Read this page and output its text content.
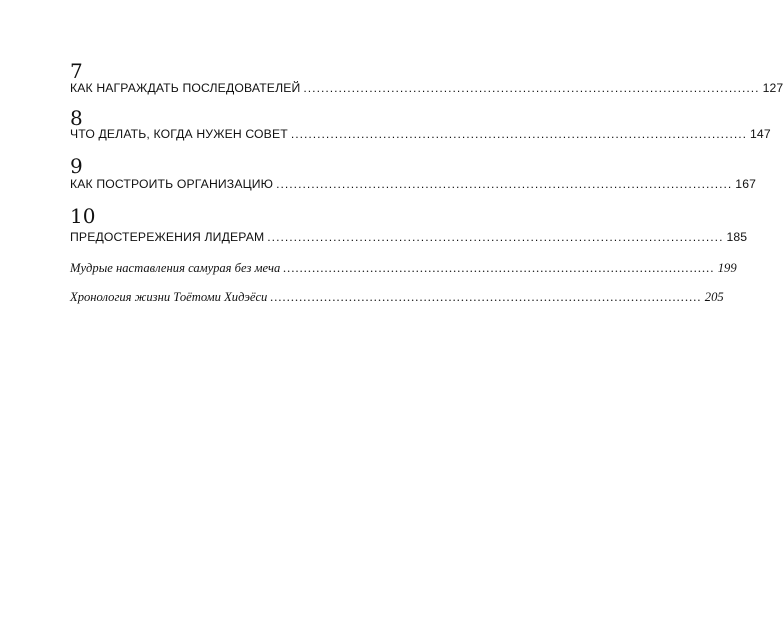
7
КАК НАГРАЖДАТЬ ПОСЛЕДОВАТЕЛЕЙ ........................................................................................................ 127
8
ЧТО ДЕЛАТЬ, КОГДА НУЖЕН СОВЕТ ........................................................................................................ 147
9
КАК ПОСТРОИТЬ ОРГАНИЗАЦИЮ ........................................................................................................ 167
10
ПРЕДОСТЕРЕЖЕНИЯ ЛИДЕРАМ ........................................................................................................ 185
Мудрые наставления самурая без меча ........................................................................................................ 199
Хронология жизни Тоётоми Хидэёси ........................................................................................................ 205
